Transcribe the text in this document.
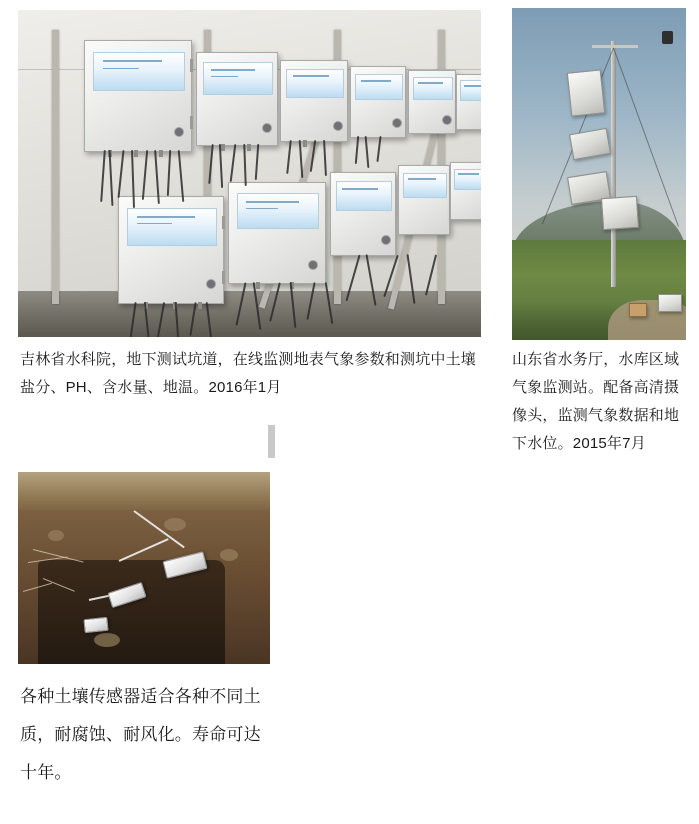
吉林省水科院，地下测试坑道，在线监测地表气象参数和测坑中土壤盐分、PH、含水量、地温。2016年1月
山东省水务厅，水库区域气象监测站。配备高清摄像头，监测气象数据和地下水位。2015年7月
各种土壤传感器适合各种不同土质，耐腐蚀、耐风化。寿命可达十年。
